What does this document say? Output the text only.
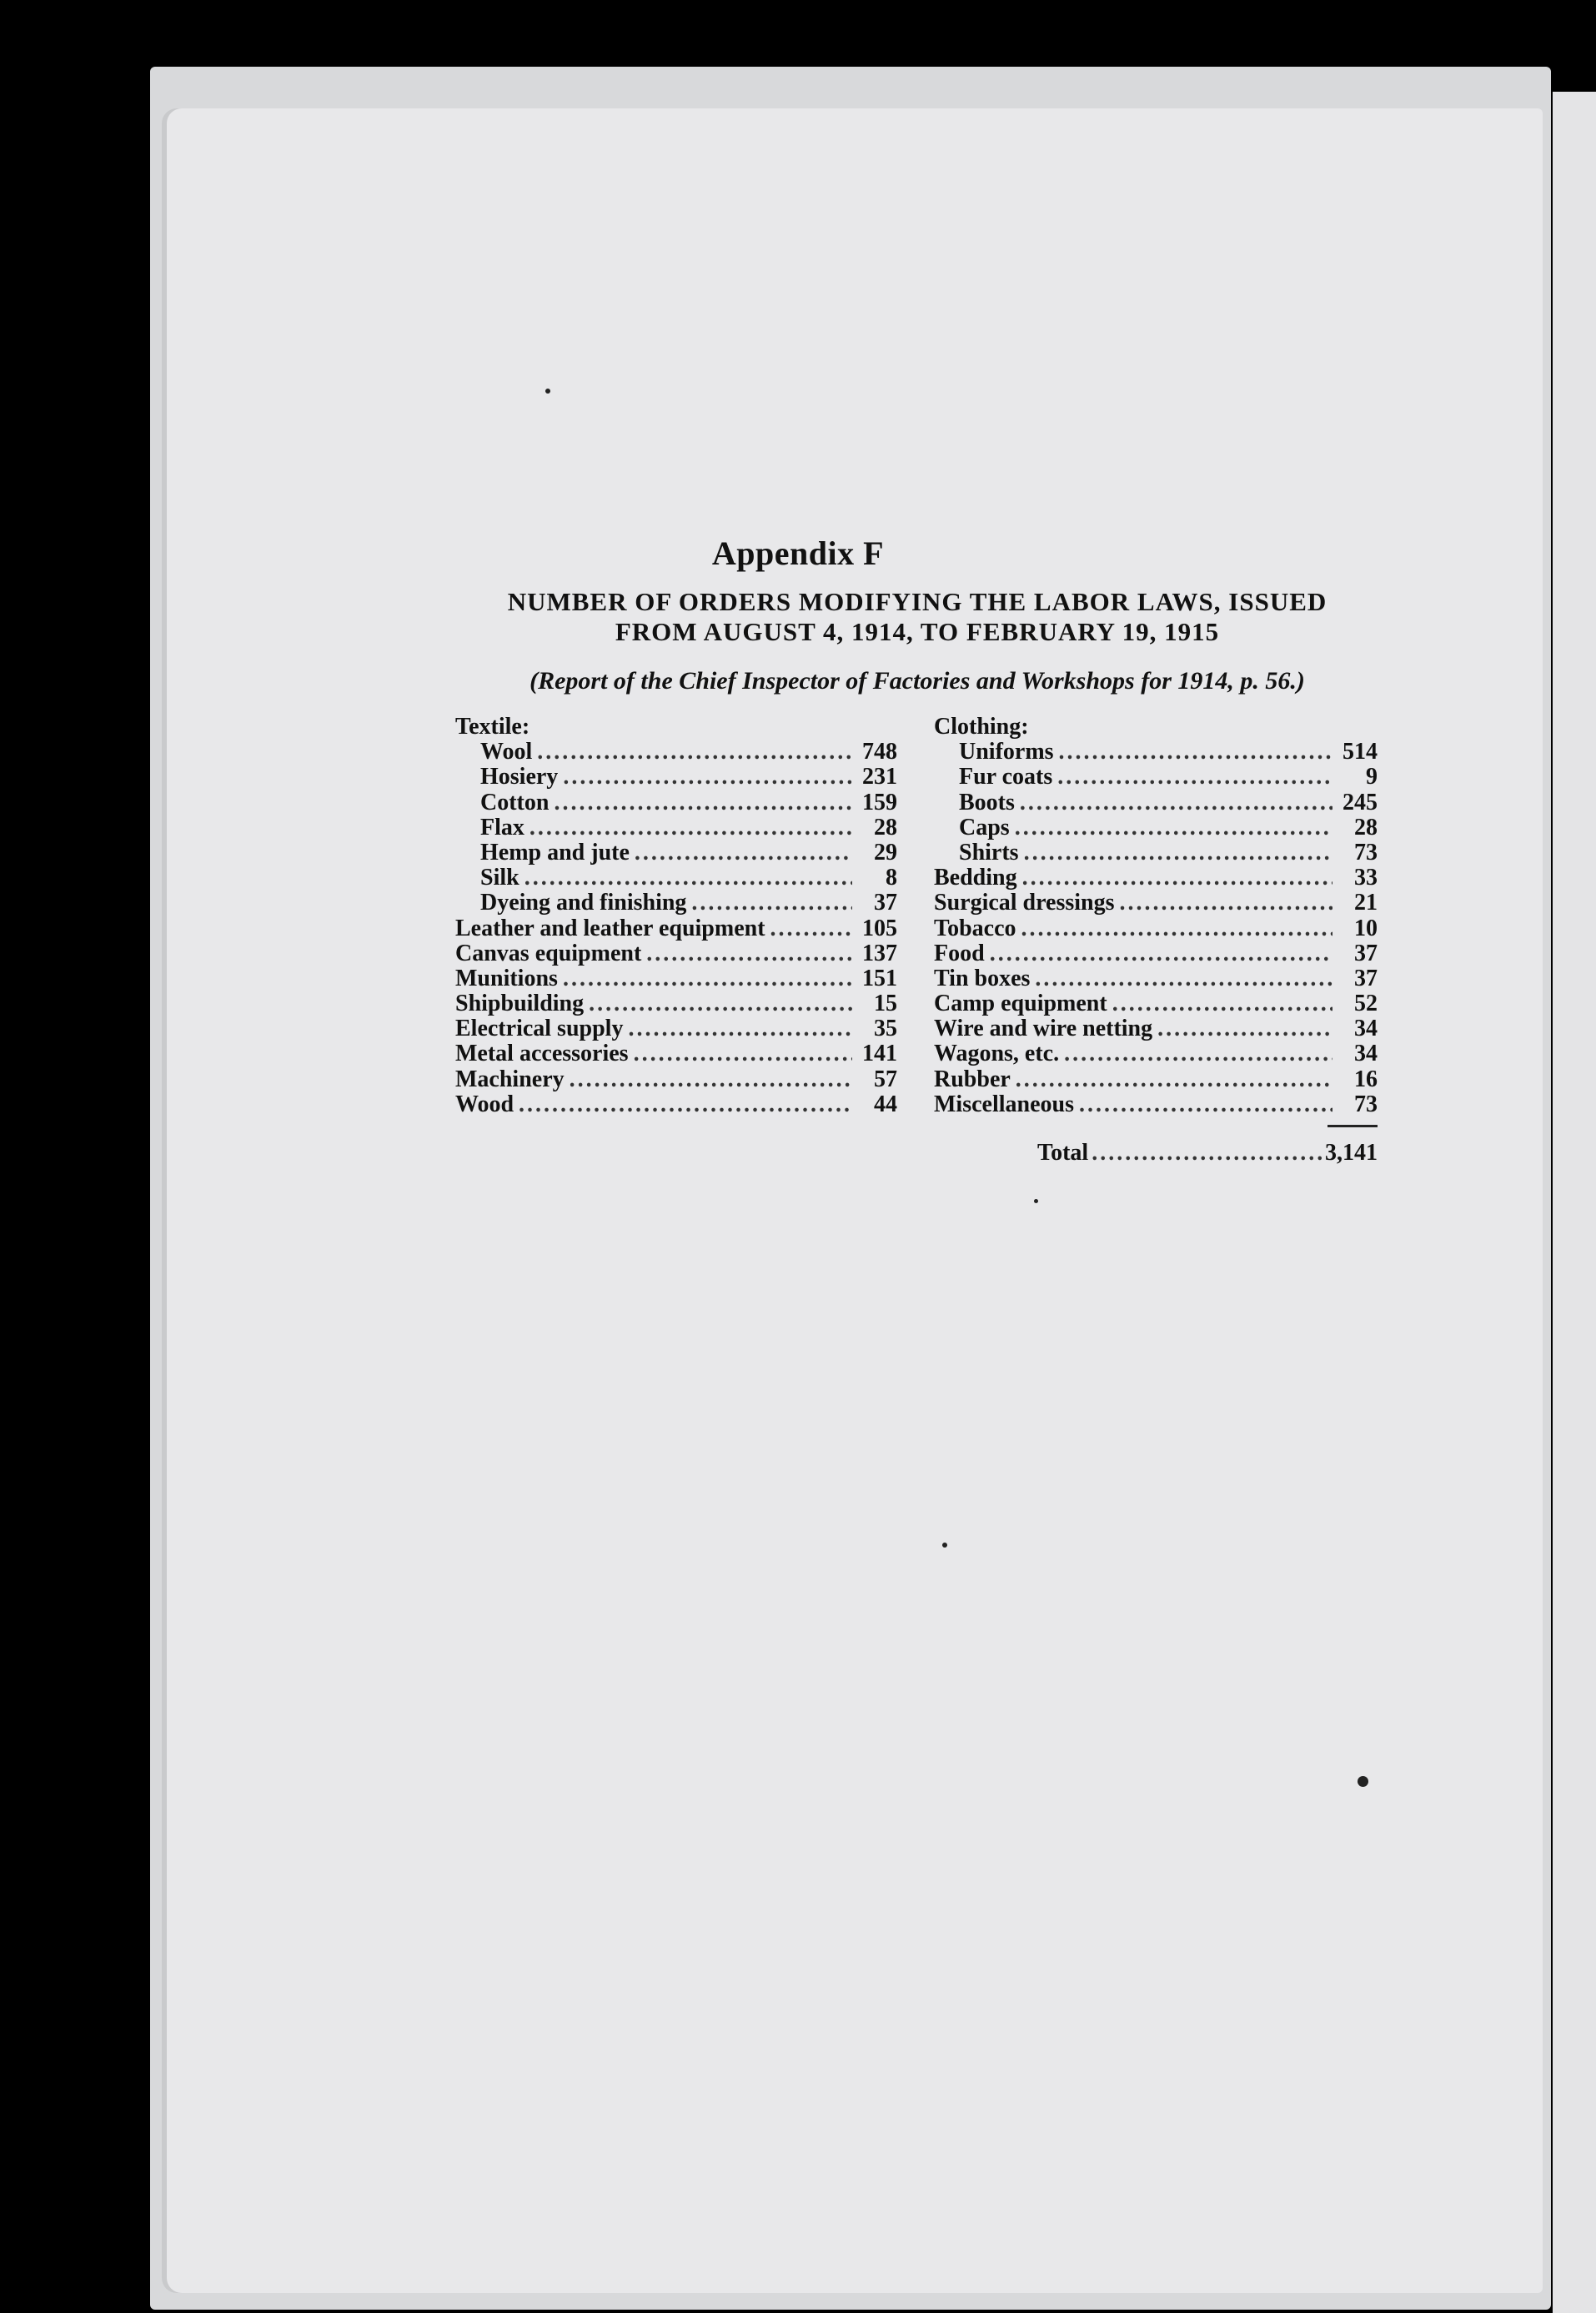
Appendix F
NUMBER OF ORDERS MODIFYING THE LABOR LAWS, ISSUED
FROM AUGUST 4, 1914, TO FEBRUARY 19, 1915
(Report of the Chief Inspector of Factories and Workshops for 1914, p. 56.)
Textile:
Wool .....	748
Hosiery .....	231
Cotton .....	159
Flax .....	28
Hemp and jute .....	29
Silk .....	8
Dyeing and finishing .....	37
Leather and leather equipment .....	105
Canvas equipment .....	137
Munitions .....	151
Shipbuilding .....	15
Electrical supply .....	35
Metal accessories .....	141
Machinery .....	57
Wood .....	44
Clothing:
Uniforms .....	514
Fur coats .....	9
Boots .....	245
Caps .....	28
Shirts .....	73
Bedding .....	33
Surgical dressings .....	21
Tobacco .....	10
Food .....	37
Tin boxes .....	37
Camp equipment .....	52
Wire and wire netting .....	34
Wagons, etc. .....	34
Rubber .....	16
Miscellaneous .....	73
Total .....	3,141
